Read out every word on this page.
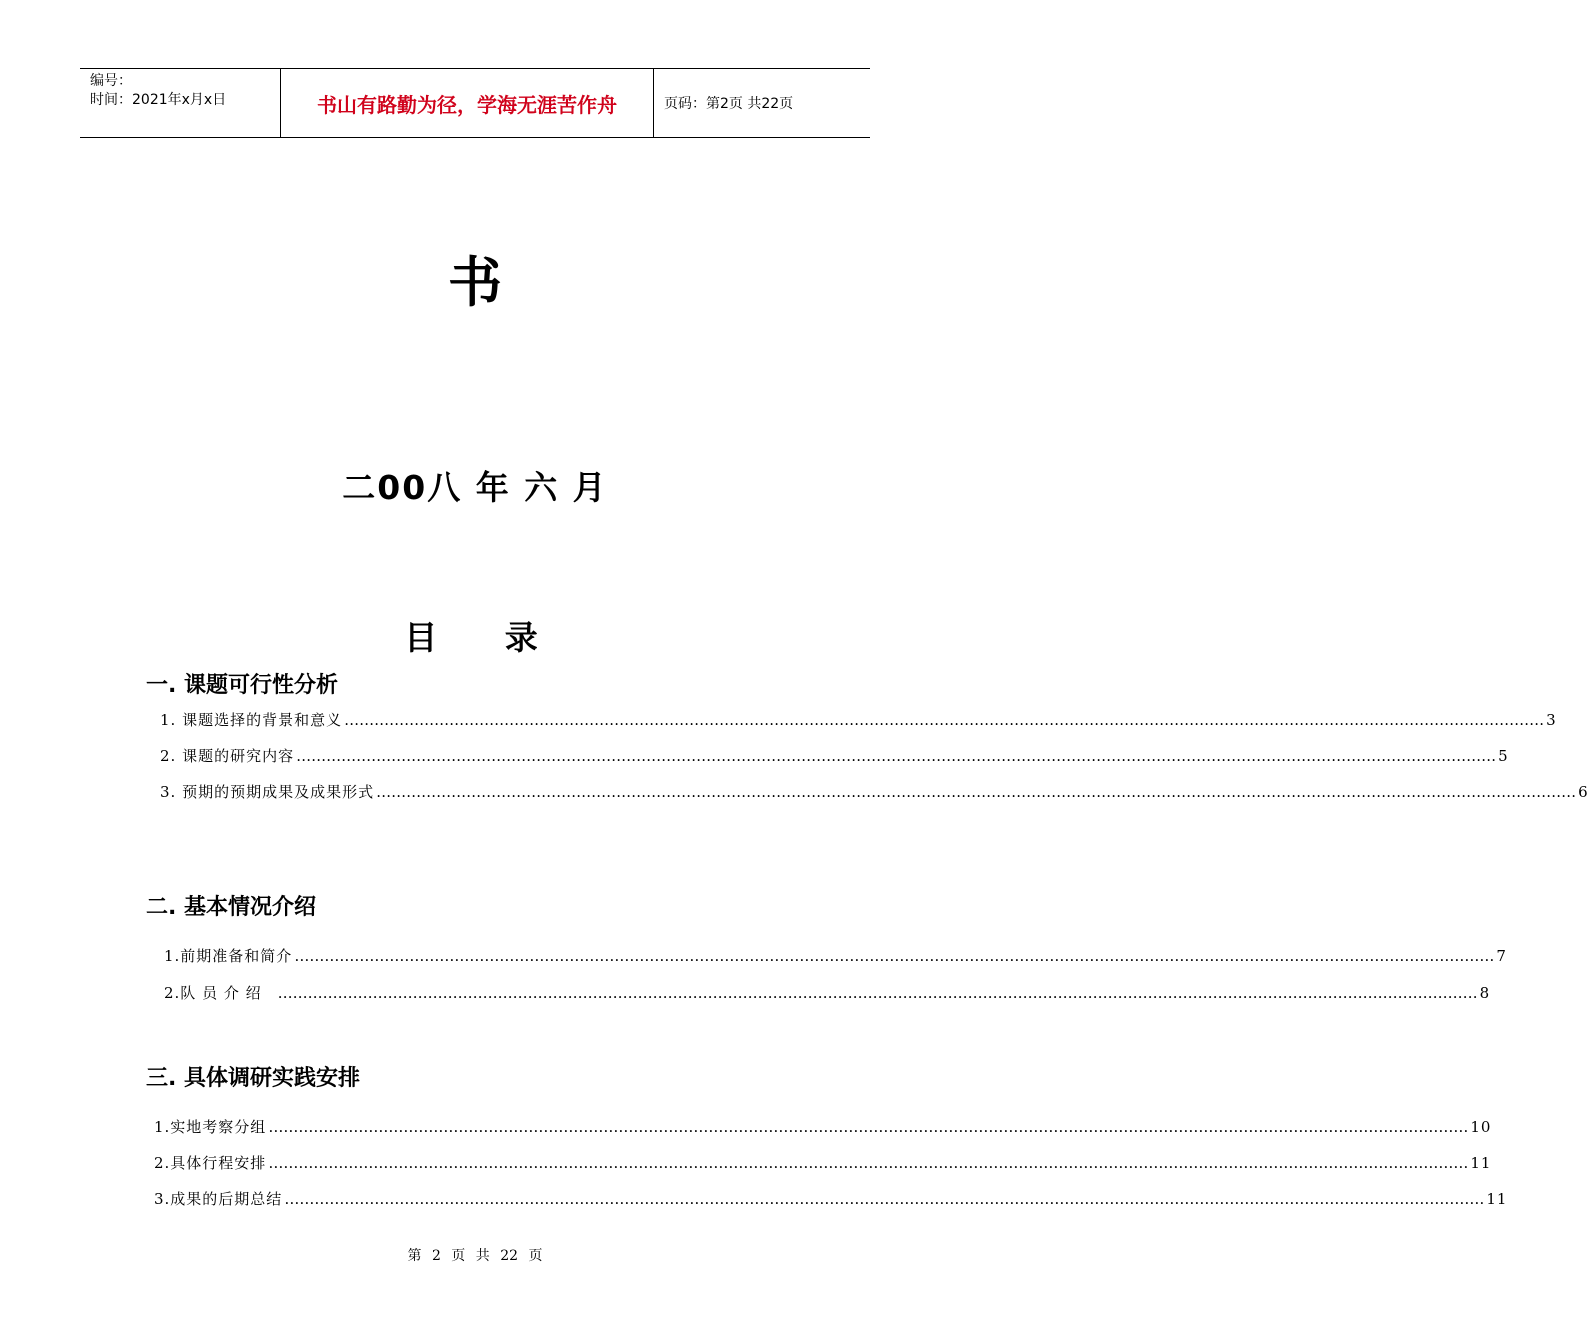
编号：
时间：2021年x月x日	书山有路勤为径，学海无涯苦作舟	页码：第2页 共22页
书
二00八 年 六 月
目 录
一. 课题可行性分析
1. 课题选择的背景和意义 …………………………………………………………………………………………………………………………………………………………………………………………………………………… 3
2. 课题的研究内容 …………………………………………………………………………………………………………………………………………………………………………………………………………………… 5
3. 预期的预期成果及成果形式 …………………………………………………………………………………………………………………………………………………………………………………………………………………… 6
二. 基本情况介绍
1.前期准备和简介 …………………………………………………………………………………………………………………………………………………………………………………………………………………… 7
2.队 员 介 绍 …………………………………………………………………………………………………………………………………………………………………………………………………………………… 8
三. 具体调研实践安排
1.实地考察分组 …………………………………………………………………………………………………………………………………………………………………………………………………………………… 10
2.具体行程安排 …………………………………………………………………………………………………………………………………………………………………………………………………………………… 11
3.成果的后期总结 …………………………………………………………………………………………………………………………………………………………………………………………………………………… 11
第 2 页 共 22 页
